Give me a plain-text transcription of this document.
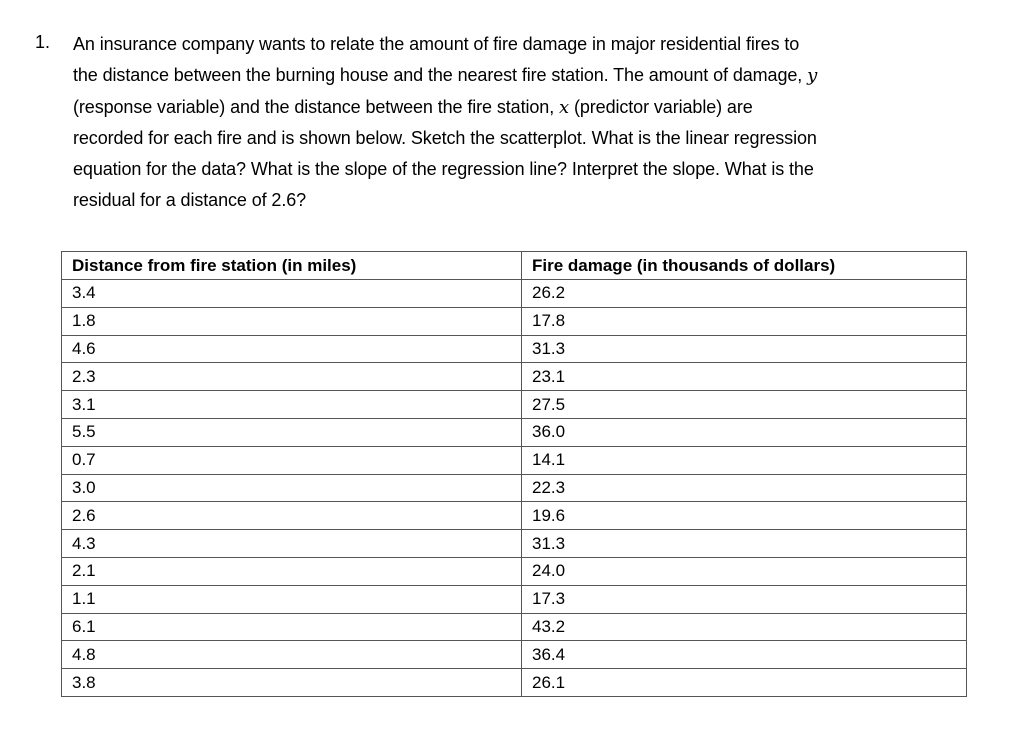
1. An insurance company wants to relate the amount of fire damage in major residential fires to
the distance between the burning house and the nearest fire station. The amount of damage, y
(response variable) and the distance between the fire station, x (predictor variable) are
recorded for each fire and is shown below. Sketch the scatterplot. What is the linear regression
equation for the data? What is the slope of the regression line? Interpret the slope. What is the
residual for a distance of 2.6?
Distance from fire station (in miles)	Fire damage (in thousands of dollars)
3.4	26.2
1.8	17.8
4.6	31.3
2.3	23.1
3.1	27.5
5.5	36.0
0.7	14.1
3.0	22.3
2.6	19.6
4.3	31.3
2.1	24.0
1.1	17.3
6.1	43.2
4.8	36.4
3.8	26.1
